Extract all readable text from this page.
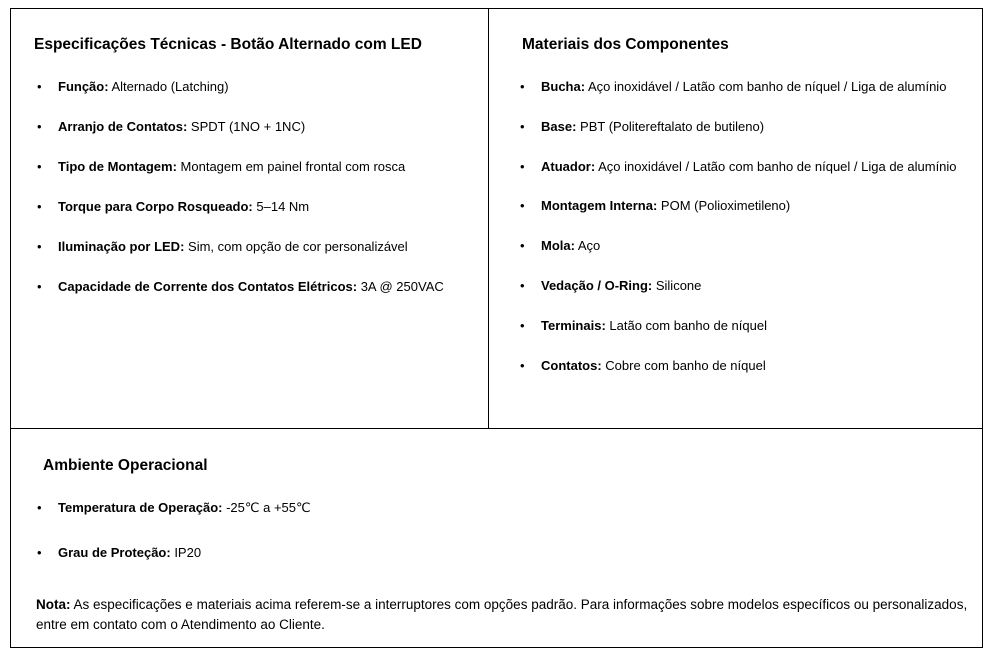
Especificações Técnicas - Botão Alternado com LED
• Função: Alternado (Latching)
• Arranjo de Contatos: SPDT (1NO + 1NC)
• Tipo de Montagem: Montagem em painel frontal com rosca
• Torque para Corpo Rosqueado: 5–14 Nm
• Iluminação por LED: Sim, com opção de cor personalizável
• Capacidade de Corrente dos Contatos Elétricos: 3A @ 250VAC
Materiais dos Componentes
• Bucha: Aço inoxidável / Latão com banho de níquel / Liga de alumínio
• Base: PBT (Politereftalato de butileno)
• Atuador: Aço inoxidável / Latão com banho de níquel / Liga de alumínio
• Montagem Interna: POM (Polioximetileno)
• Mola: Aço
• Vedação / O-Ring: Silicone
• Terminais: Latão com banho de níquel
• Contatos: Cobre com banho de níquel
Ambiente Operacional
• Temperatura de Operação: -25℃ a +55℃
• Grau de Proteção: IP20

Nota: As especificações e materiais acima referem-se a interruptores com opções padrão. Para informações sobre modelos específicos ou personalizados, entre em contato com o Atendimento ao Cliente.
